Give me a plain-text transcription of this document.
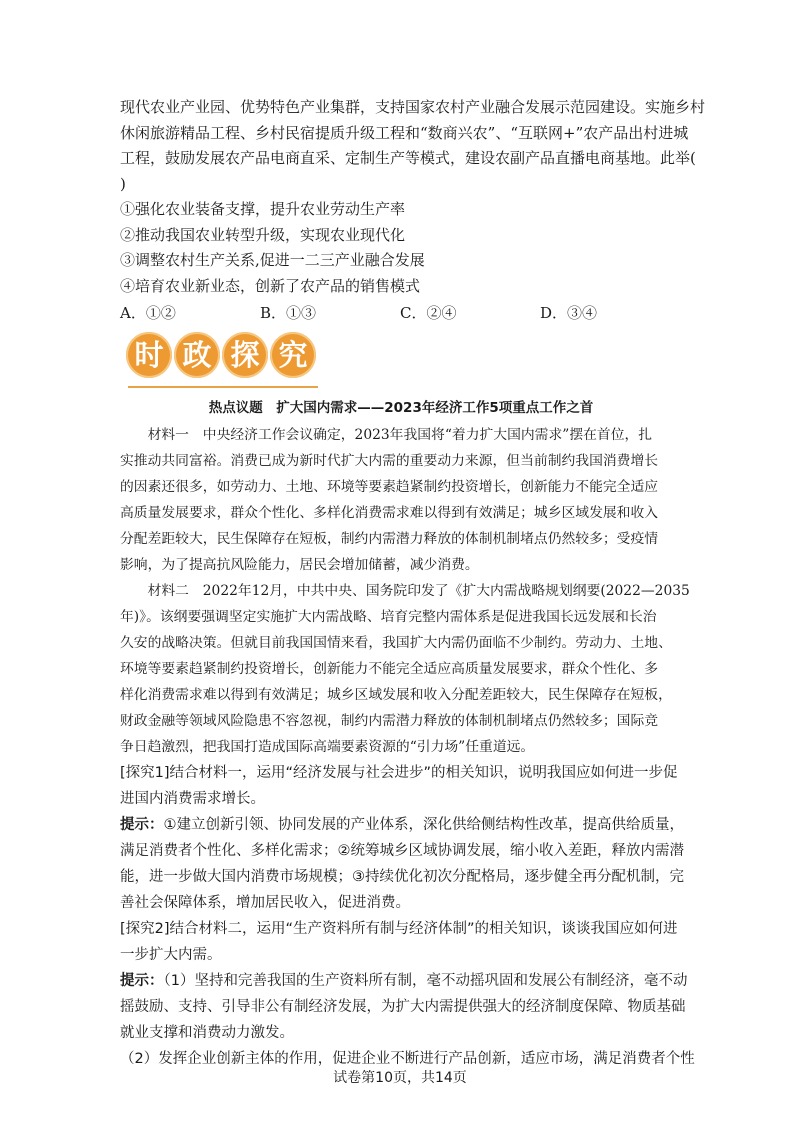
现代农业产业园、优势特色产业集群，支持国家农村产业融合发展示范园建设。实施乡村
休闲旅游精品工程、乡村民宿提质升级工程和“数商兴农”、“互联网+”农产品出村进城
工程，鼓励发展农产品电商直采、定制生产等模式，建设农副产品直播电商基地。此举(
)
①强化农业装备支撑，提升农业劳动生产率
②推动我国农业转型升级，实现农业现代化
③调整农村生产关系,促进一二三产业融合发展
④培育农业新业态，创新了农产品的销售模式
A．①②	B．①③	C．②④	D．③④
时 政 探 究
热点议题　扩大国内需求——2023年经济工作5项重点工作之首
　　材料一　中央经济工作会议确定，2023年我国将“着力扩大国内需求”摆在首位，扎
实推动共同富裕。消费已成为新时代扩大内需的重要动力来源，但当前制约我国消费增长
的因素还很多，如劳动力、土地、环境等要素趋紧制约投资增长，创新能力不能完全适应
高质量发展要求，群众个性化、多样化消费需求难以得到有效满足；城乡区域发展和收入
分配差距较大，民生保障存在短板，制约内需潜力释放的体制机制堵点仍然较多；受疫情
影响，为了提高抗风险能力，居民会增加储蓄，减少消费。
　　材料二　2022年12月，中共中央、国务院印发了《扩大内需战略规划纲要(2022—2035
年)》。该纲要强调坚定实施扩大内需战略、培育完整内需体系是促进我国长远发展和长治
久安的战略决策。但就目前我国国情来看，我国扩大内需仍面临不少制约。劳动力、土地、
环境等要素趋紧制约投资增长，创新能力不能完全适应高质量发展要求，群众个性化、多
样化消费需求难以得到有效满足；城乡区域发展和收入分配差距较大，民生保障存在短板，
财政金融等领域风险隐患不容忽视，制约内需潜力释放的体制机制堵点仍然较多；国际竞
争日趋激烈，把我国打造成国际高端要素资源的“引力场”任重道远。
[探究1]结合材料一，运用“经济发展与社会进步”的相关知识，说明我国应如何进一步促
进国内消费需求增长。
提示：①建立创新引领、协同发展的产业体系，深化供给侧结构性改革，提高供给质量，
满足消费者个性化、多样化需求；②统筹城乡区域协调发展，缩小收入差距，释放内需潜
能，进一步做大国内消费市场规模；③持续优化初次分配格局，逐步健全再分配机制，完
善社会保障体系，增加居民收入，促进消费。
[探究2]结合材料二，运用“生产资料所有制与经济体制”的相关知识，谈谈我国应如何进
一步扩大内需。
提示：（1）坚持和完善我国的生产资料所有制，毫不动摇巩固和发展公有制经济，毫不动
摇鼓励、支持、引导非公有制经济发展，为扩大内需提供强大的经济制度保障、物质基础
就业支撑和消费动力激发。
（2）发挥企业创新主体的作用，促进企业不断进行产品创新，适应市场，满足消费者个性
试卷第10页，共14页
